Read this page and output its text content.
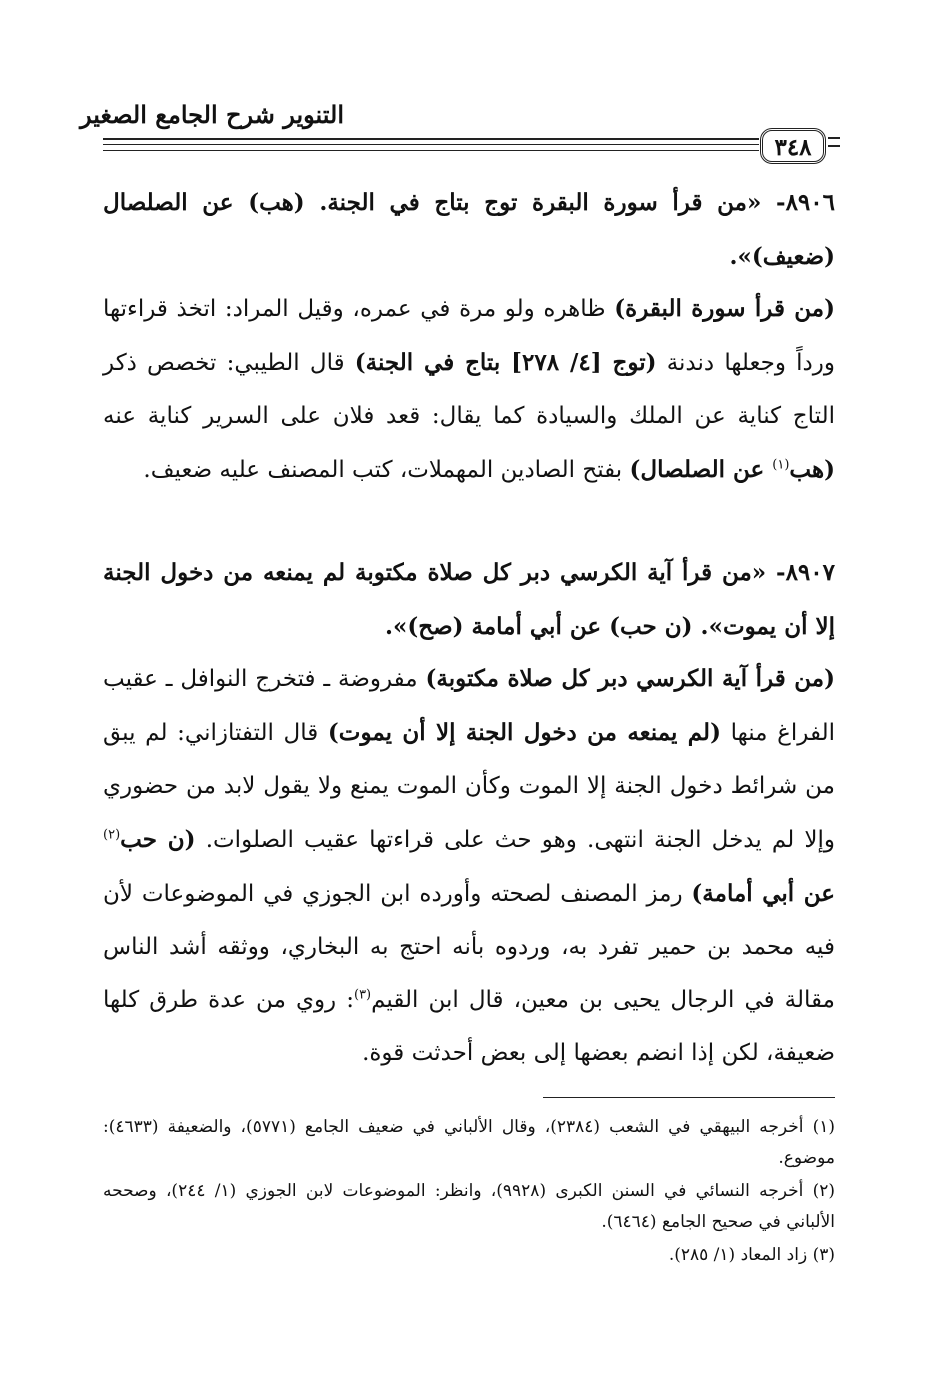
التنوير شرح الجامع الصغير
٣٤٨
٨٩٠٦- «من قرأ سورة البقرة توج بتاج في الجنة. (هب) عن الصلصال (ضعيف)».
(من قرأ سورة البقرة) ظاهره ولو مرة في عمره، وقيل المراد: اتخذ قراءتها ورداً وجعلها دندنة (توج [٤/ ٢٧٨] بتاج في الجنة) قال الطيبي: تخصص ذكر التاج كناية عن الملك والسيادة كما يقال: قعد فلان على السرير كناية عنه (هب$^{(١)}$ عن الصلصال) بفتح الصادين المهملات، كتب المصنف عليه ضعيف.
٨٩٠٧- «من قرأ آية الكرسي دبر كل صلاة مكتوبة لم يمنعه من دخول الجنة إلا أن يموت». (ن حب) عن أبي أمامة (صح)».
(من قرأ آية الكرسي دبر كل صلاة مكتوبة) مفروضة ـ فتخرج النوافل ـ عقيب الفراغ منها (لم يمنعه من دخول الجنة إلا أن يموت) قال التفتازاني: لم يبق من شرائط دخول الجنة إلا الموت وكأن الموت يمنع ولا يقول لابد من حضوري وإلا لم يدخل الجنة انتهى. وهو حث على قراءتها عقيب الصلوات. (ن حب$^{(٢)}$ عن أبي أمامة) رمز المصنف لصحته وأورده ابن الجوزي في الموضوعات لأن فيه محمد بن حمير تفرد به، وردوه بأنه احتج به البخاري، ووثقه أشد الناس مقالة في الرجال يحيى بن معين، قال ابن القيم$^{(٣)}$: روي من عدة طرق كلها ضعيفة، لكن إذا انضم بعضها إلى بعض أحدثت قوة.

(١) أخرجه البيهقي في الشعب (٢٣٨٤)، وقال الألباني في ضعيف الجامع (٥٧٧١)، والضعيفة (٤٦٣٣): موضوع.

(٢) أخرجه النسائي في السنن الكبرى (٩٩٢٨)، وانظر: الموضوعات لابن الجوزي (١/ ٢٤٤)، وصححه الألباني في صحيح الجامع (٦٤٦٤).

(٣) زاد المعاد (١/ ٢٨٥).
